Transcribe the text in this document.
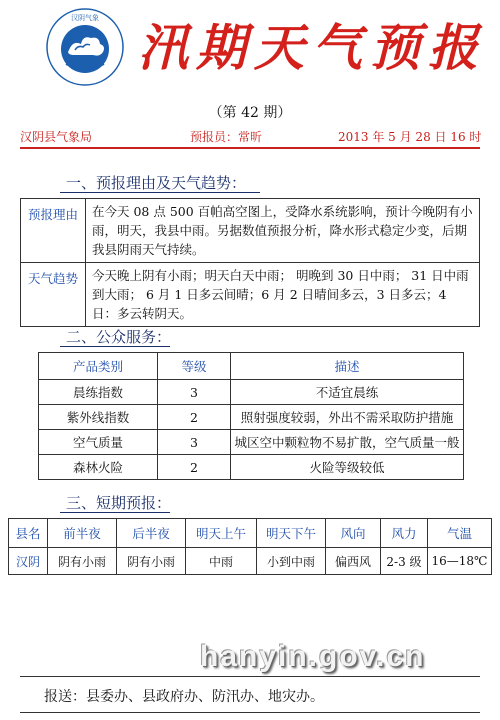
汉阴气象 汛期天气预报
（第 42 期）
汉阴县气象局	预报员：常昕	2013 年 5 月 28 日 16 时
一、预报理由及天气趋势：
预报理由	在今天 08 点 500 百帕高空图上，受降水系统影响，预计今晚阴有小雨，明天，我县中雨。另据数值预报分析，降水形式稳定少变，后期我县阴雨天气持续。
天气趋势	今天晚上阴有小雨；明天白天中雨； 明晚到 30 日中雨； 31 日中雨到大雨； 6 月 1 日多云间晴；6 月 2 日晴间多云，3 日多云；4 日：多云转阴天。
二、公众服务：
产品类别	等级	描述
晨练指数	3	不适宜晨练
紫外线指数	2	照射强度较弱，外出不需采取防护措施
空气质量	3	城区空中颗粒物不易扩散，空气质量一般
森林火险	2	火险等级较低
三、短期预报：
县名	前半夜	后半夜	明天上午	明天下午	风向	风力	气温
汉阴	阴有小雨	阴有小雨	中雨	小到中雨	偏西风	2-3 级	16—18℃
hanyin.gov.cn
报送：县委办、县政府办、防汛办、地灾办。
